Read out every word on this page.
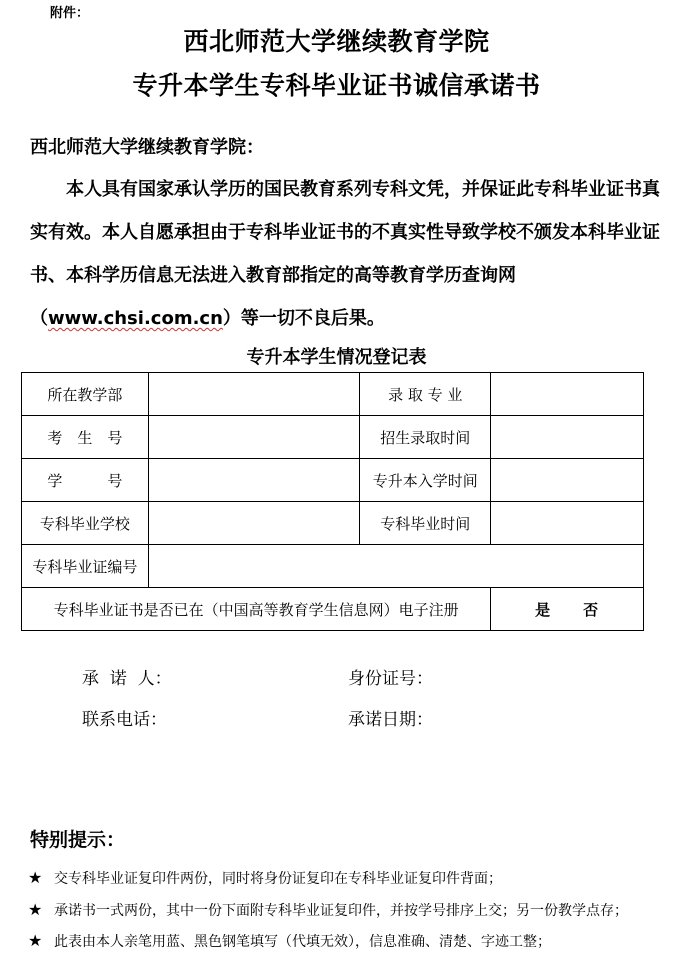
附件：
西北师范大学继续教育学院
专升本学生专科毕业证书诚信承诺书
西北师范大学继续教育学院：
本人具有国家承认学历的国民教育系列专科文凭，并保证此专科毕业证书真实有效。本人自愿承担由于专科毕业证书的不真实性导致学校不颁发本科毕业证书、本科学历信息无法进入教育部指定的高等教育学历查询网（www.chsi.com.cn）等一切不良后果。
专升本学生情况登记表
所在教学部		录 取 专 业	
考　生　号		招生录取时间	
学　　　号		专升本入学时间	
专科毕业学校		专科毕业时间	
专科毕业证编号			
专科毕业证书是否已在（中国高等教育学生信息网）电子注册			是　　否
承  诺  人：	身份证号：
联系电话：	承诺日期：
特别提示：
★ 交专科毕业证复印件两份，同时将身份证复印在专科毕业证复印件背面；
★ 承诺书一式两份，其中一份下面附专科毕业证复印件，并按学号排序上交；另一份教学点存；
★ 此表由本人亲笔用蓝、黑色钢笔填写（代填无效），信息准确、清楚、字迹工整；
